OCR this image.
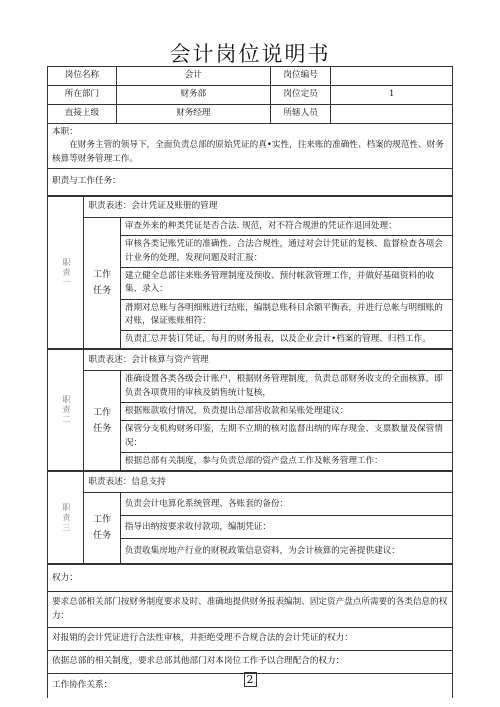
会计岗位说明书
岗位名称	会计	岗位编号	
所在部门	财务部	岗位定员	1
直接上级	财务经理	所辖人员	
本职：

在财务主管的领导下，全面负责总部的原始凭证的真•实性，往来账的准确性、档案的规范性、财务核算等财务管理工作。

职责与工作任务：
职责一	职责表述：会计凭证及账册的管理	

	工作
任务	审查外来的种类凭证是否合法. 规范，对不符合规泄的凭证作退回处理：
		审核各类记账凭证的准确性、合法合规性，通过对会计凭证的复核、监督检查各项会计业务的处理，发现问题及时汇报：
		建立健全总部往来账务管理制度及预收、预付帐款管理工作，并做好基础资料的收集、录入：
		滑期对总账与各明细账进行结账，编制总账科目余额平衡表，并进行总帐与明细账的对账，保证账账相符：
		负责汇总并装订凭证，每月的财务报表，以及企业会计•档案的管理、归档工作。
职责二	职责表述：会计核算与资产管理	

	工作
任务	准确设置各类各级会计账户，根据财务管理制度，负责总部财务收支的全面核算，即负责各项费用的审核及销售统计复核，
		根据账款收付情况，负责提出总部营收款和呆账处理建议：
		保管分支机构财务印鉴，左期不立期的核对监督出纳的库存现金、支票数量及保管情况：
		根据总部有关制度，参与负责总部的资产盘点工作及帐务管理工作：
职责三	职责表述：信息支持	

	工作
任务	负责会计电算化系统管理、各账套的备份：
		指导出纳按要求收付款项，编制凭证：
		负责收集房地产行业的财税政策信息资料，为会计核算的完善提供建议：
权力：
要求总部相关部门按财务制度要求及时、准确地提供财务报表编制、固定资产盘点所需要的各类信息的权力：
对报销的会计凭证进行合法性审核，并拒绝受理不合规合法的会计凭证的权力：
依据总部的相关制度，要求总部其他部门对本岗位工作予以合理配合的权力：
工作协作关系：	2
